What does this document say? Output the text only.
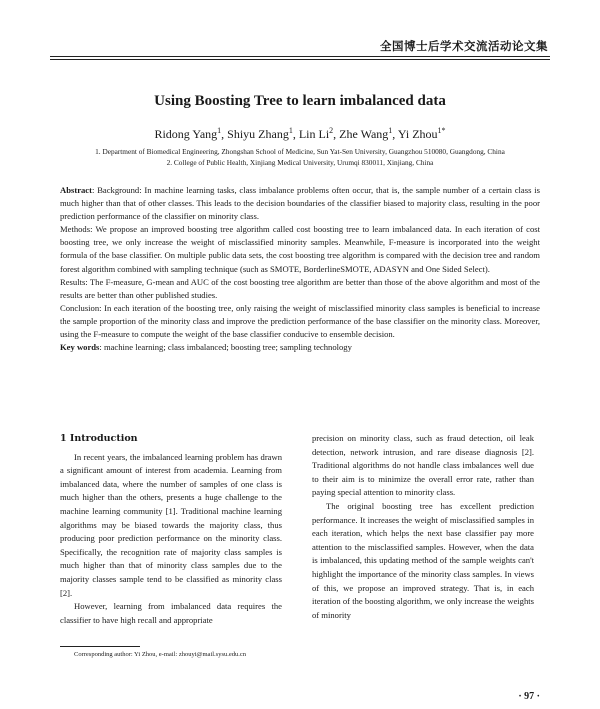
全国博士后学术交流活动论文集
Using Boosting Tree to learn imbalanced data
Ridong Yang$^1$, Shiyu Zhang$^1$, Lin Li$^2$, Zhe Wang$^1$, Yi Zhou$^{1*}$
1. Department of Biomedical Engineering, Zhongshan School of Medicine, Sun Yat-Sen University, Guangzhou 510080, Guangdong, China
2. College of Public Health, Xinjiang Medical University, Urumqi 830011, Xinjiang, China

Abstract: Background: In machine learning tasks, class imbalance problems often occur, that is, the sample number of a certain class is much higher than that of other classes. This leads to the decision boundaries of the classifier biased to majority class, resulting in the poor prediction performance of the classifier on minority class.

Methods: We propose an improved boosting tree algorithm called cost boosting tree to learn imbalanced data. In each iteration of cost boosting tree, we only increase the weight of misclassified minority samples. Meanwhile, F-measure is incorporated into the weight formula of the base classifier. On multiple public data sets, the cost boosting tree algorithm is compared with the decision tree and random forest algorithm combined with sampling technique (such as SMOTE, BorderlineSMOTE, ADASYN and One Sided Select).

Results: The F-measure, G-mean and AUC of the cost boosting tree algorithm are better than those of the above algorithm and most of the results are better than other published studies.

Conclusion: In each iteration of the boosting tree, only raising the weight of misclassified minority class samples is beneficial to increase the sample proportion of the minority class and improve the prediction performance of the base classifier on the minority class. Moreover, using the F-measure to compute the weight of the base classifier conducive to ensemble decision.

Key words: machine learning; class imbalanced; boosting tree; sampling technology

1 Introduction

In recent years, the imbalanced learning problem has drawn a significant amount of interest from academia. Learning from imbalanced data, where the number of samples of one class is much higher than the others, presents a huge challenge to the machine learning community [1]. Traditional machine learning algorithms may be biased towards the majority class, thus producing poor prediction performance on the minority class. Specifically, the recognition rate of majority class samples is much higher than that of minority class samples due to the majority classes sample tend to be classified as minority class [2].

However, learning from imbalanced data requires the classifier to have high recall and appropriate

precision on minority class, such as fraud detection, oil leak detection, network intrusion, and rare disease diagnosis [2]. Traditional algorithms do not handle class imbalances well due to their aim is to minimize the overall error rate, rather than paying special attention to minority class.

The original boosting tree has excellent prediction performance. It increases the weight of misclassified samples in each iteration, which helps the next base classifier pay more attention to the misclassified samples. However, when the data is imbalanced, this updating method of the sample weights can't highlight the importance of the minority class samples. In views of this, we propose an improved strategy. That is, in each iteration of the boosting algorithm, we only increase the weights of minority

Corresponding author: Yi Zhou, e-mail: zhouyi@mail.sysu.edu.cn
· 97 ·
